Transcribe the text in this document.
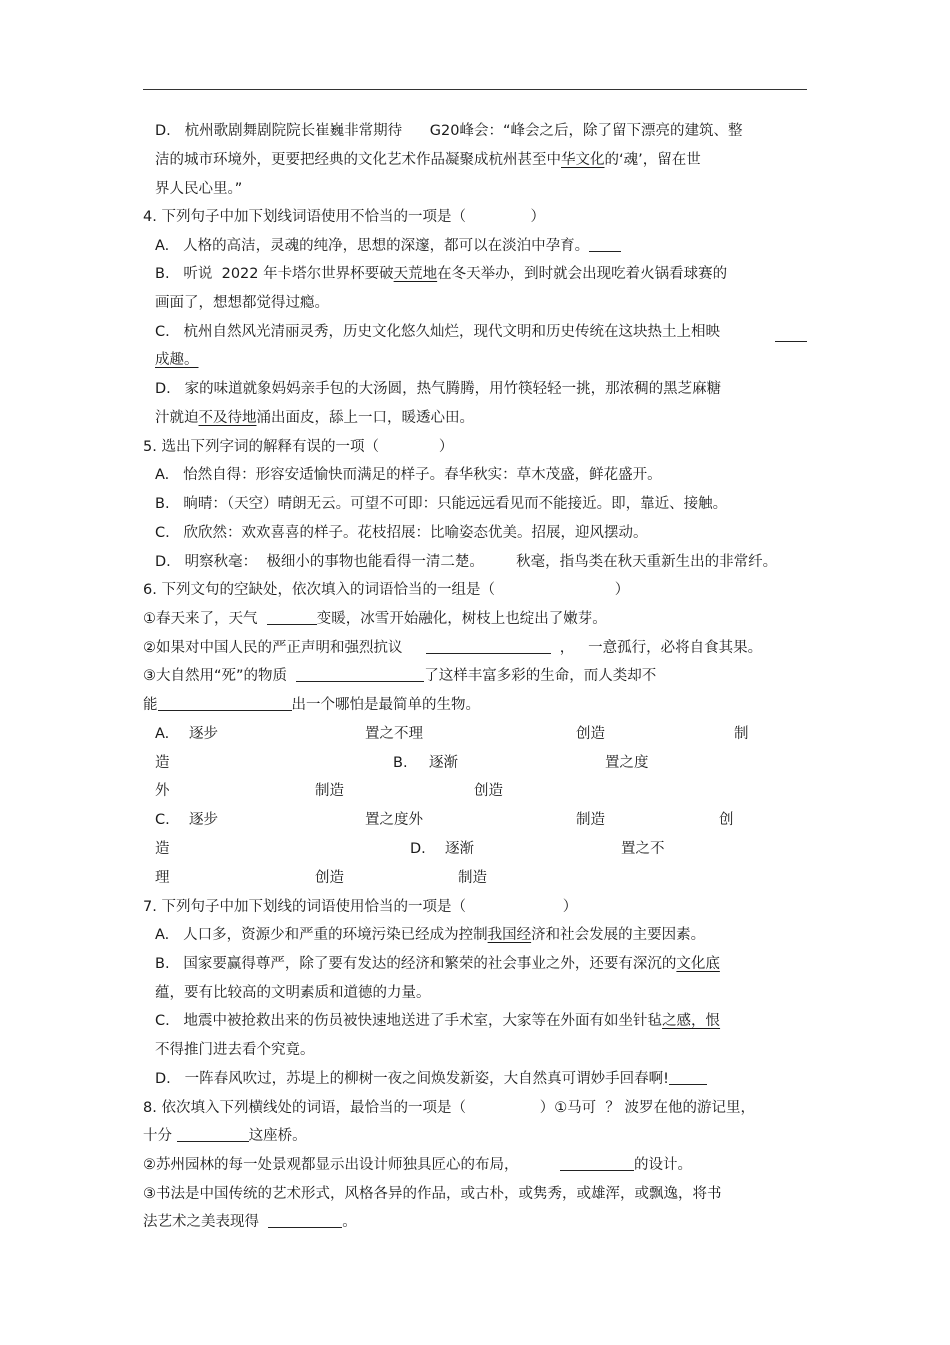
D.   杭州歌剧舞剧院院长崔巍非常期待      G20峰会：“峰会之后，除了留下漂亮的建筑、整
洁的城市环境外，更要把经典的文化艺术作品凝聚成杭州甚至中华文化的‘魂’，留在世
界人民心里。”
4. 下列句子中加下划线词语使用不恰当的一项是（              ）
A.   人格的高洁，灵魂的纯净，思想的深邃，都可以在淡泊中孕育。
B.   听说  2022 年卡塔尔世界杯要破天荒地在冬天举办，到时就会出现吃着火锅看球赛的
画面了，想想都觉得过瘾。
C.   杭州自然风光清丽灵秀，历史文化悠久灿烂，现代文明和历史传统在这块热土上相映
成趣。
D.   家的味道就象妈妈亲手包的大汤圆，热气腾腾，用竹筷轻轻一挑，那浓稠的黑芝麻糖
汁就迫不及待地涌出面皮，舔上一口，暖透心田。
5. 选出下列字词的解释有误的一项（             ）
A.   怡然自得：形容安适愉快而满足的样子。春华秋实：草木茂盛，鲜花盛开。
B.   晌晴：（天空）晴朗无云。可望不可即：只能远远看见而不能接近。即，靠近、接触。
C.   欣欣然：欢欢喜喜的样子。花枝招展：比喻姿态优美。招展，迎风摆动。
D.   明察秋毫：  极细小的事物也能看得一清二楚。       秋毫，指鸟类在秋天重新生出的非常纤。
6. 下列文句的空缺处，依次填入的词语恰当的一组是（                          ）
①春天来了，天气	变暖，冰雪开始融化，树枝上也绽出了嫩芽。
②如果对中国人民的严正声明和强烈抗议	，   一意孤行，必将自食其果。
③大自然用“死”的物质	了这样丰富多彩的生命，而人类却不
能	出一个哪怕是最简单的生物。
A. 逐步	置之不理	创造	制
造	B. 逐渐	置之度
外	制造	创造
C. 逐步	置之度外	制造	创
造	D. 逐渐	置之不
理	创造	制造
7. 下列句子中加下划线的词语使用恰当的一项是（                     ）
A.   人口多，资源少和严重的环境污染已经成为控制我国经济和社会发展的主要因素。
B.   国家要赢得尊严，除了要有发达的经济和繁荣的社会事业之外，还要有深沉的文化底
蕴，要有比较高的文明素质和道德的力量。
C.   地震中被抢救出来的伤员被快速地送进了手术室，大家等在外面有如坐针毡之感，恨
不得推门进去看个究竟。
D.   一阵春风吹过，苏堤上的柳树一夜之间焕发新姿，大自然真可谓妙手回春啊!
8. 依次填入下列横线处的词语，最恰当的一项是（                ）①马可  ？ 波罗在他的游记里，
十分	这座桥。
②苏州园林的每一处景观都显示出设计师独具匠心的布局，	的设计。
③书法是中国传统的艺术形式，风格各异的作品，或古朴，或隽秀，或雄浑，或飘逸，将书
法艺术之美表现得	。
